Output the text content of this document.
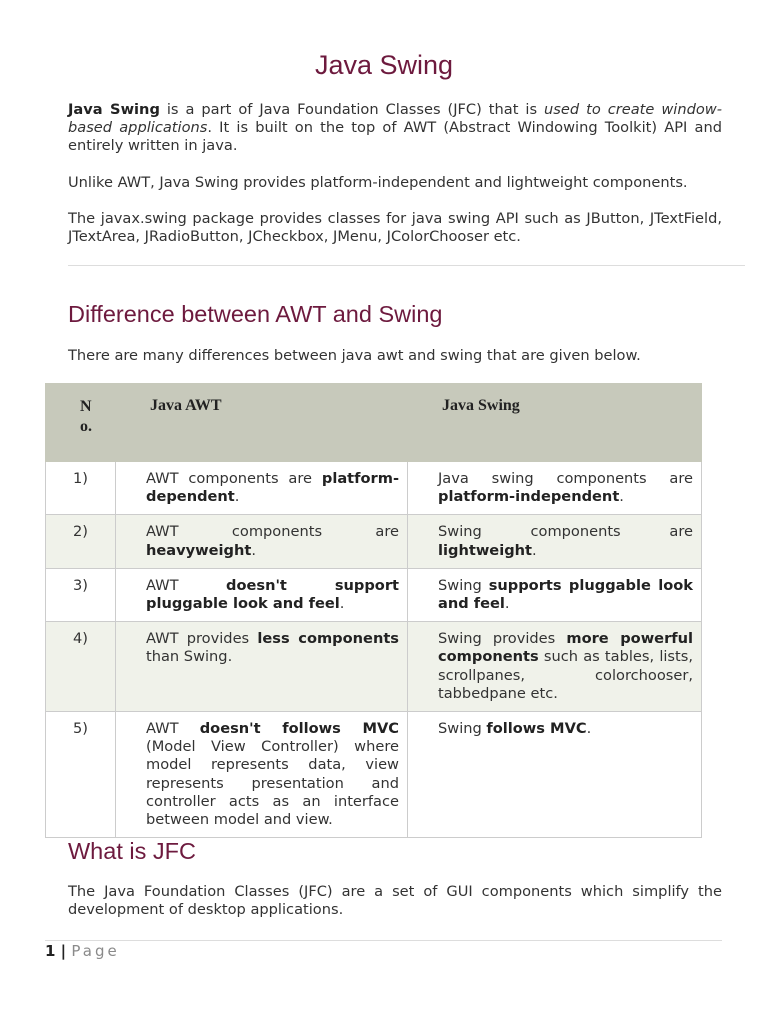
Java Swing

Java Swing is a part of Java Foundation Classes (JFC) that is used to create window-based applications. It is built on the top of AWT (Abstract Windowing Toolkit) API and entirely written in java.

Unlike AWT, Java Swing provides platform-independent and lightweight components.

The javax.swing package provides classes for java swing API such as JButton, JTextField, JTextArea, JRadioButton, JCheckbox, JMenu, JColorChooser etc.

Difference between AWT and Swing

There are many differences between java awt and swing that are given below.

No.	Java AWT	Java Swing
1)	AWT components are platform-dependent.	Java swing components are platform-independent.
2)	AWT components are heavyweight.	Swing components are lightweight.
3)	AWT doesn't support pluggable look and feel.	Swing supports pluggable look and feel.
4)	AWT provides less components than Swing.	Swing provides more powerful components such as tables, lists, scrollpanes, colorchooser, tabbedpane etc.
5)	AWT doesn't follows MVC (Model View Controller) where model represents data, view represents presentation and controller acts as an interface between model and view.	Swing follows MVC.
What is JFC

The Java Foundation Classes (JFC) are a set of GUI components which simplify the development of desktop applications.

1 | Page
